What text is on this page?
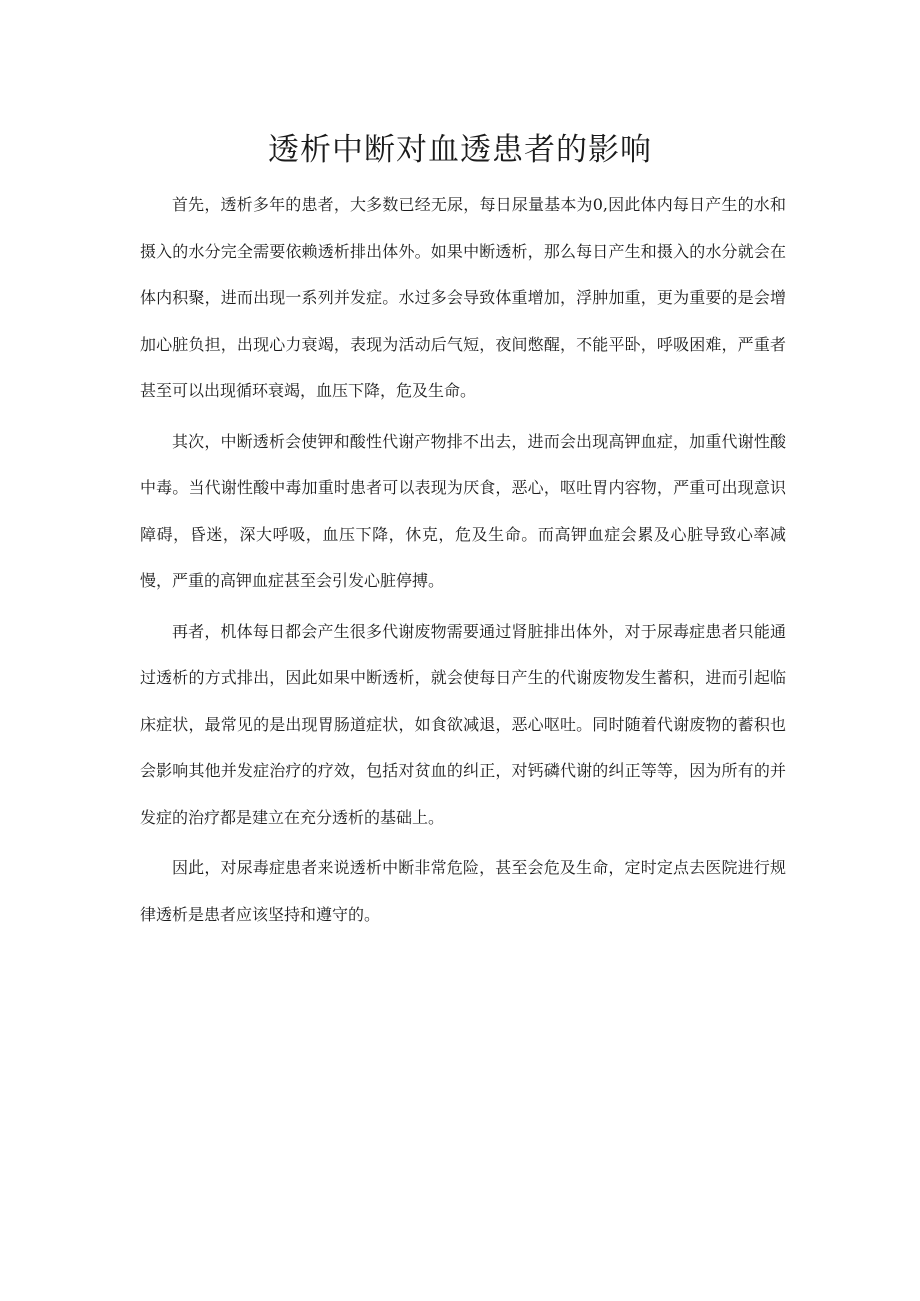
透析中断对血透患者的影响

首先，透析多年的患者，大多数已经无尿，每日尿量基本为0,因此体内每日产生的水和摄入的水分完全需要依赖透析排出体外。如果中断透析，那么每日产生和摄入的水分就会在体内积聚，进而出现一系列并发症。水过多会导致体重增加，浮肿加重，更为重要的是会增加心脏负担，出现心力衰竭，表现为活动后气短，夜间憋醒，不能平卧，呼吸困难，严重者甚至可以出现循环衰竭，血压下降，危及生命。

其次，中断透析会使钾和酸性代谢产物排不出去，进而会出现高钾血症，加重代谢性酸中毒。当代谢性酸中毒加重时患者可以表现为厌食，恶心，呕吐胃内容物，严重可出现意识障碍，昏迷，深大呼吸，血压下降，休克，危及生命。而高钾血症会累及心脏导致心率减慢，严重的高钾血症甚至会引发心脏停搏。

再者，机体每日都会产生很多代谢废物需要通过肾脏排出体外，对于尿毒症患者只能通过透析的方式排出，因此如果中断透析，就会使每日产生的代谢废物发生蓄积，进而引起临床症状，最常见的是出现胃肠道症状，如食欲减退，恶心呕吐。同时随着代谢废物的蓄积也会影响其他并发症治疗的疗效，包括对贫血的纠正，对钙磷代谢的纠正等等，因为所有的并发症的治疗都是建立在充分透析的基础上。

因此，对尿毒症患者来说透析中断非常危险，甚至会危及生命，定时定点去医院进行规律透析是患者应该坚持和遵守的。
